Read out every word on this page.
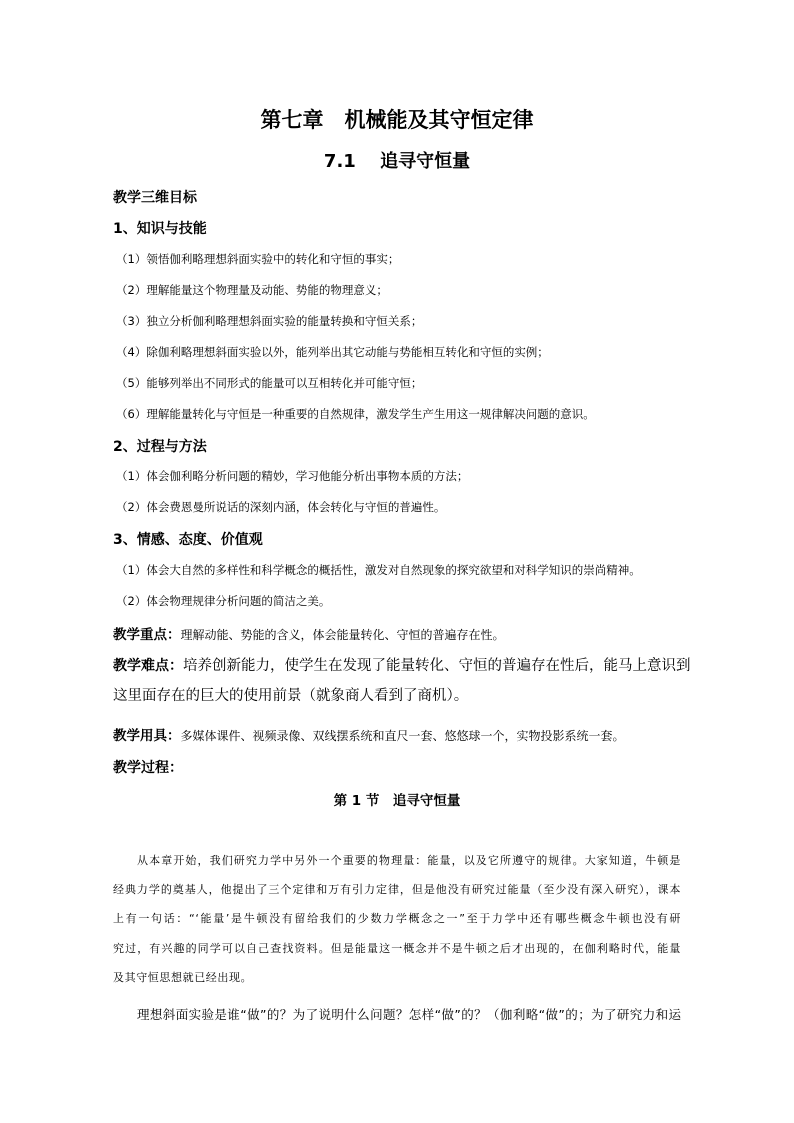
第七章　机械能及其守恒定律
7.1　 追寻守恒量
教学三维目标
1、知识与技能
（1）领悟伽利略理想斜面实验中的转化和守恒的事实；
（2）理解能量这个物理量及动能、势能的物理意义；
（3）独立分析伽利略理想斜面实验的能量转换和守恒关系；
（4）除伽利略理想斜面实验以外，能列举出其它动能与势能相互转化和守恒的实例；
（5）能够列举出不同形式的能量可以互相转化并可能守恒；
（6）理解能量转化与守恒是一种重要的自然规律，激发学生产生用这一规律解决问题的意识。
2、过程与方法
（1）体会伽利略分析问题的精妙，学习他能分析出事物本质的方法；
（2）体会费恩曼所说话的深刻内涵，体会转化与守恒的普遍性。
3、情感、态度、价值观
（1）体会大自然的多样性和科学概念的概括性，激发对自然现象的探究欲望和对科学知识的崇尚精神。
（2）体会物理规律分析问题的简洁之美。
教学重点：理解动能、势能的含义，体会能量转化、守恒的普遍存在性。
教学难点：培养创新能力，使学生在发现了能量转化、守恒的普遍存在性后，能马上意识到
这里面存在的巨大的使用前景（就象商人看到了商机）。
教学用具：多媒体课件、视频录像、双线摆系统和直尺一套、悠悠球一个，实物投影系统一套。
教学过程：
第 1 节　追寻守恒量
从本章开始，我们研究力学中另外一个重要的物理量：能量，以及它所遵守的规律。大家知道，牛顿是
经典力学的奠基人，他提出了三个定律和万有引力定律，但是他没有研究过能量（至少没有深入研究），课本
上有一句话：“‘能量’是牛顿没有留给我们的少数力学概念之一”至于力学中还有哪些概念牛顿也没有研
究过，有兴趣的同学可以自己查找资料。但是能量这一概念并不是牛顿之后才出现的，在伽利略时代，能量
及其守恒思想就已经出现。
理想斜面实验是谁“做”的？为了说明什么问题？怎样“做”的？（伽利略“做”的；为了研究力和运
